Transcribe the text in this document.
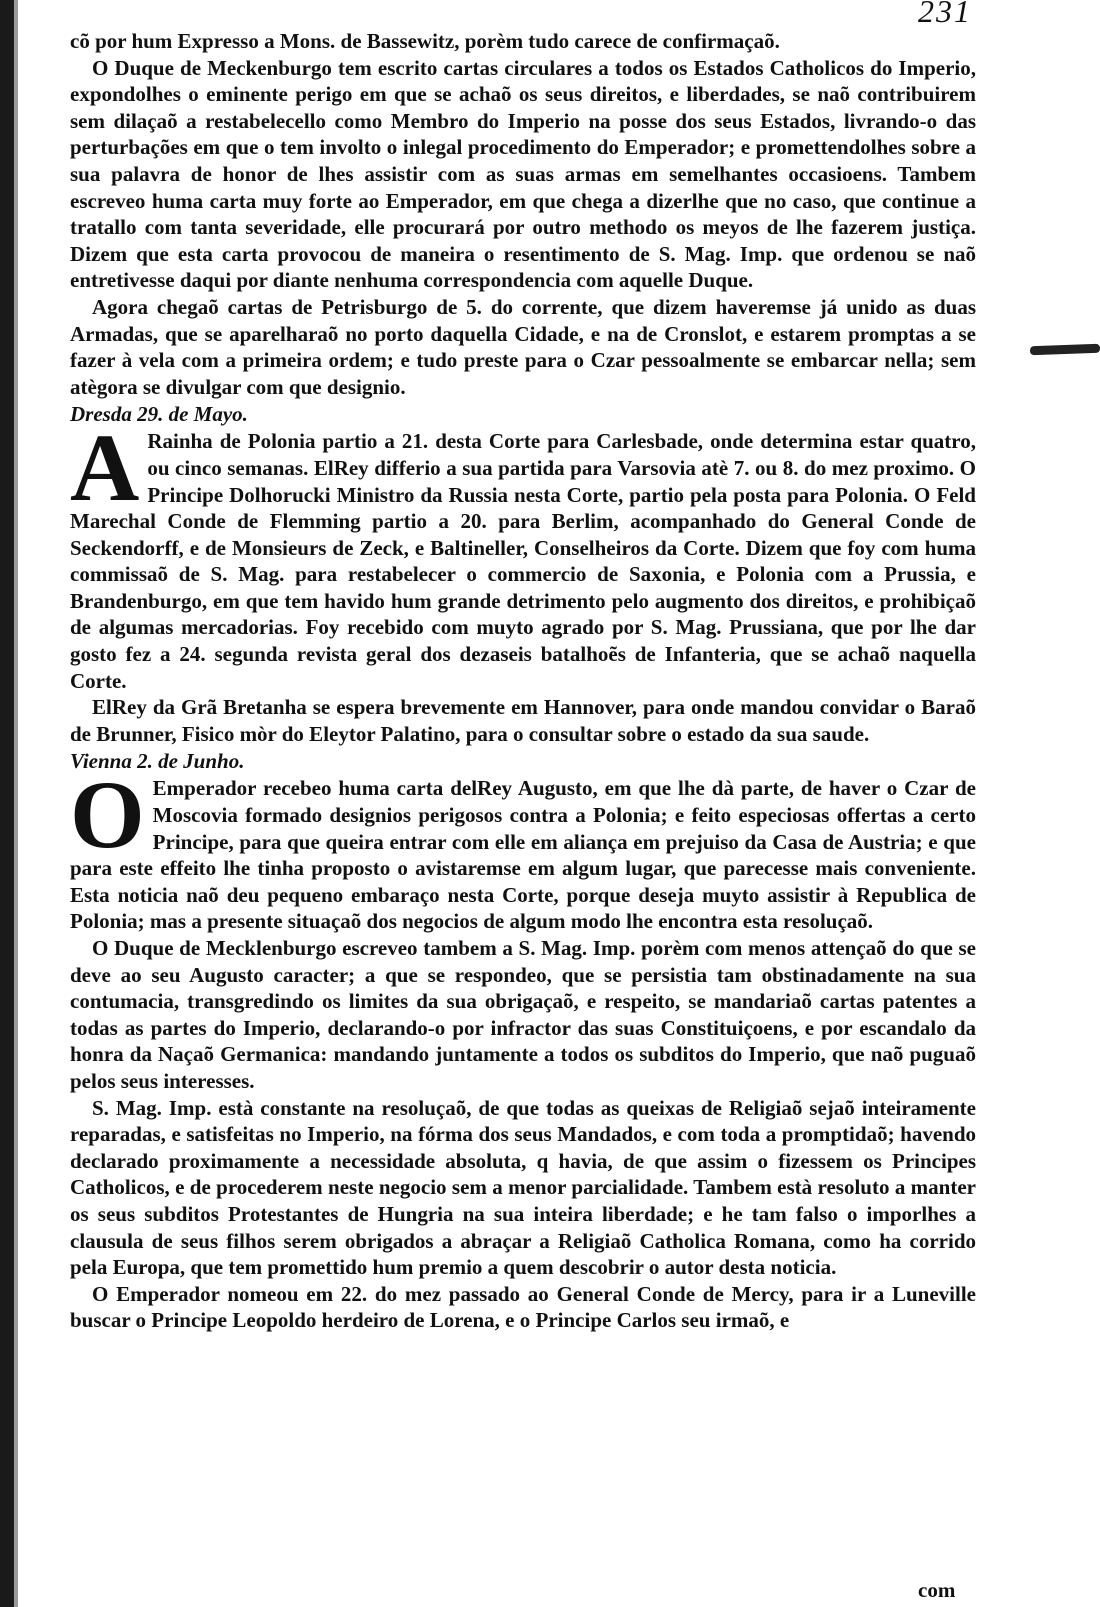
231

cõ por hum Expresso a Mons. de Bassewitz, porèm tudo carece de confirmaçaõ.

O Duque de Meckenburgo tem escrito cartas circulares a todos os Estados Catholicos do Imperio, expondolhes o eminente perigo em que se achaõ os seus direitos, e liberdades, se naõ contribuirem sem dilaçaõ a restabelecello como Membro do Imperio na posse dos seus Estados, livrando-o das perturbações em que o tem involto o inlegal procedimento do Emperador; e promettendolhes sobre a sua palavra de honor de lhes assistir com as suas armas em semelhantes occasioens. Tambem escreveo huma carta muy forte ao Emperador, em que chega a dizerlhe que no caso, que continue a tratallo com tanta severidade, elle procurará por outro methodo os meyos de lhe fazerem justiça. Dizem que esta carta provocou de maneira o resentimento de S. Mag. Imp. que ordenou se naõ entretivesse daqui por diante nenhuma correspondencia com aquelle Duque.

Agora chegaõ cartas de Petrisburgo de 5. do corrente, que dizem haveremse já unido as duas Armadas, que se aparelharaõ no porto daquella Cidade, e na de Cronslot, e estarem promptas a se fazer à vela com a primeira ordem; e tudo preste para o Czar pessoalmente se embarcar nella; sem atègora se divulgar com que designio.

Dresda 29. de Mayo.

A Rainha de Polonia partio a 21. desta Corte para Carlesbade, onde determina estar quatro, ou cinco semanas. ElRey differio a sua partida para Varsovia atè 7. ou 8. do mez proximo. O Principe Dolhorucki Ministro da Russia nesta Corte, partio pela posta para Polonia. O Feld Marechal Conde de Flemming partio a 20. para Berlim, acompanhado do General Conde de Seckendorff, e de Monsieurs de Zeck, e Baltineller, Conselheiros da Corte. Dizem que foy com huma commissaõ de S. Mag. para restabelecer o commercio de Saxonia, e Polonia com a Prussia, e Brandenburgo, em que tem havido hum grande detrimento pelo augmento dos direitos, e prohibiçaõ de algumas mercadorias. Foy recebido com muyto agrado por S. Mag. Prussiana, que por lhe dar gosto fez a 24. segunda revista geral dos dezaseis batalhoẽs de Infanteria, que se achaõ naquella Corte.

ElRey da Grã Bretanha se espera brevemente em Hannover, para onde mandou convidar o Baraõ de Brunner, Fisico mòr do Eleytor Palatino, para o consultar sobre o estado da sua saude.

Vienna 2. de Junho.

O Emperador recebeo huma carta delRey Augusto, em que lhe dà parte, de haver o Czar de Moscovia formado designios perigosos contra a Polonia; e feito especiosas offertas a certo Principe, para que queira entrar com elle em aliança em prejuiso da Casa de Austria; e que para este effeito lhe tinha proposto o avistaremse em algum lugar, que parecesse mais conveniente. Esta noticia naõ deu pequeno embaraço nesta Corte, porque deseja muyto assistir à Republica de Polonia; mas a presente situaçaõ dos negocios de algum modo lhe encontra esta resoluçaõ.

O Duque de Mecklenburgo escreveo tambem a S. Mag. Imp. porèm com menos attençaõ do que se deve ao seu Augusto caracter; a que se respondeo, que se persistia tam obstinadamente na sua contumacia, transgredindo os limites da sua obrigaçaõ, e respeito, se mandariaõ cartas patentes a todas as partes do Imperio, declarando-o por infractor das suas Constituiçoens, e por escandalo da honra da Naçaõ Germanica: mandando juntamente a todos os subditos do Imperio, que naõ puguaõ pelos seus interesses.

S. Mag. Imp. està constante na resoluçaõ, de que todas as queixas de Religiaõ sejaõ inteiramente reparadas, e satisfeitas no Imperio, na fórma dos seus Mandados, e com toda a promptidaõ; havendo declarado proximamente a necessidade absoluta, q havia, de que assim o fizessem os Principes Catholicos, e de procederem neste negocio sem a menor parcialidade. Tambem està resoluto a manter os seus subditos Protestantes de Hungria na sua inteira liberdade; e he tam falso o imporlhes a clausula de seus filhos serem obrigados a abraçar a Religiaõ Catholica Romana, como ha corrido pela Europa, que tem promettido hum premio a quem descobrir o autor desta noticia.

O Emperador nomeou em 22. do mez passado ao General Conde de Mercy, para ir a Luneville buscar o Principe Leopoldo herdeiro de Lorena, e o Principe Carlos seu irmaõ, e

com
